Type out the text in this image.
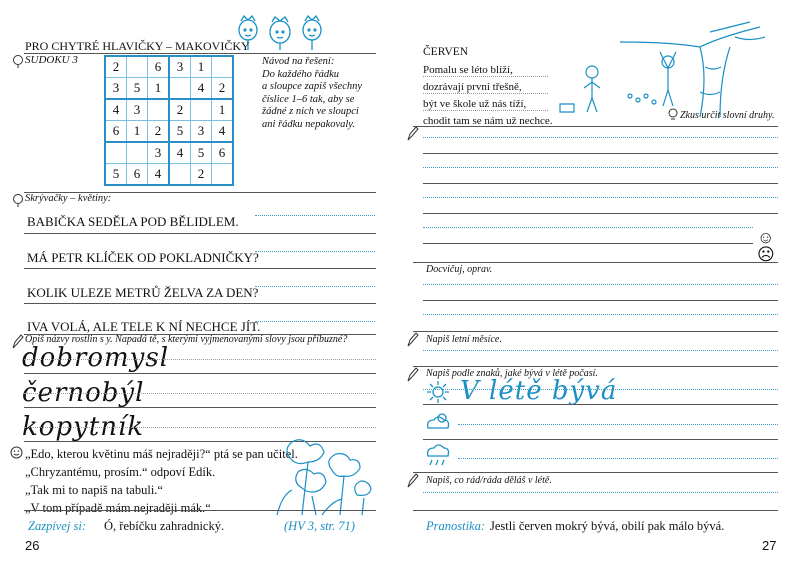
PRO CHYTRÉ HLAVIČKY – MAKOVIČKY
SUDOKU 3	2		6	3	1	
3	5	1		4	2
4	3		2		1
6	1	2	5	3	4
		3	4	5	6
5	6	4		2	
Návod na řešení:
Do každého řádku
a sloupce zapiš všechny
číslice 1–6 tak, aby se
žádné z nich ve sloupci
ani řádku nepakovaly.
Skrývačky – květiny:
BABIČKA SEDĚLA POD BĚLIDLEM.
MÁ PETR KLÍČEK OD POKLADNIČKY?
KOLIK ULEZE METRŮ ŽELVA ZA DEN?
IVA VOLÁ, ALE TELE K NÍ NECHCE JÍT.
Opiš názvy rostlin s y. Napadá tě, s kterými vyjmenovanými slovy jsou příbuzné?
dobromysl
černobýl
kopytník
„Edo, kterou květinu máš nejraději?“ ptá se pan učitel.
„Chryzantému, prosím.“ odpoví Edík.
„Tak mi to napiš na tabuli.“
„V tom případě mám nejraději mák.“
Zazpívej si: Ó, řebíčku zahradnický.	(HV 3, str. 71)
26
ČERVEN
Pomalu se léto blíží,
dozrávají první třešně,
být ve škole už nás tíží,
chodit tam se nám už nechce.	Zkus určit slovní druhy.
☺
☹
Docvičuj, oprav.
Napiš letní měsíce.
Napiš podle znaků, jaké bývá v létě počasí.
V létě bývá
Napiš, co rád/ráda děláš v létě.
Pranostika: Jestli červen mokrý bývá, obilí pak málo bývá.
27
